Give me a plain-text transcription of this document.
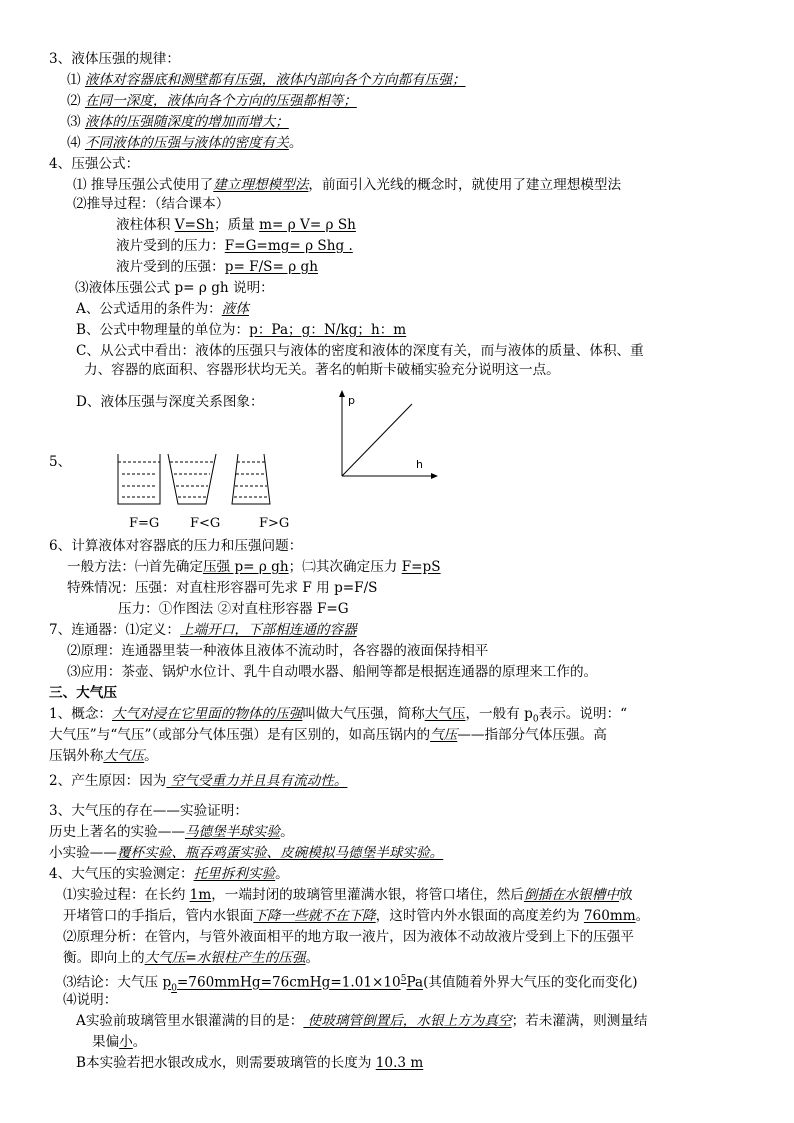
3、液体压强的规律：
⑴ 液体对容器底和测壁都有压强，液体内部向各个方向都有压强；
⑵ 在同一深度，液体向各个方向的压强都相等；
⑶ 液体的压强随深度的增加而增大；
⑷ 不同液体的压强与液体的密度有关。
4、压强公式：
⑴ 推导压强公式使用了建立理想模型法，前面引入光线的概念时，就使用了建立理想模型法
⑵推导过程：（结合课本）
液柱体积 V=Sh；质量 m= ρ V= ρ Sh
液片受到的压力：F=G=mg= ρ Shg .
液片受到的压强：p= F/S= ρ gh
⑶液体压强公式 p= ρ gh 说明：
A、公式适用的条件为：液体
B、公式中物理量的单位为：p：Pa；g：N/kg；h：m
C、从公式中看出：液体的压强只与液体的密度和液体的深度有关，而与液体的质量、体积、重
力、容器的底面积、容器形状均无关。著名的帕斯卡破桶实验充分说明这一点。
D、液体压强与深度关系图象：	p
h
5、
F=G F<G	F>G
6、计算液体对容器底的压力和压强问题：
一般方法：㈠首先确定压强 p= ρ gh；㈡其次确定压力 F=pS
特殊情况：压强：对直柱形容器可先求 F 用 p=F/S
压力：①作图法 ②对直柱形容器 F=G
7、连通器：⑴定义：上端开口，下部相连通的容器
⑵原理：连通器里装一种液体且液体不流动时，各容器的液面保持相平
⑶应用：茶壶、锅炉水位计、乳牛自动喂水器、船闸等都是根据连通器的原理来工作的。
三、大气压
1、概念：大气对浸在它里面的物体的压强叫做大气压强，简称大气压，一般有 $p_0$表示。说明：“
大气压”与“气压”（或部分气体压强）是有区别的，如高压锅内的气压——指部分气体压强。高
压锅外称大气压。
2、产生原因：因为 空气受重力并且具有流动性。
3、大气压的存在——实验证明：
历史上著名的实验——马德堡半球实验。
小实验——覆杯实验、瓶吞鸡蛋实验、皮碗模拟马德堡半球实验。
4、大气压的实验测定：托里拆利实验。
⑴实验过程：在长约 1m，一端封闭的玻璃管里灌满水银，将管口堵住，然后倒插在水银槽中放
开堵管口的手指后，管内水银面下降一些就不在下降，这时管内外水银面的高度差约为 760mm。
⑵原理分析：在管内，与管外液面相平的地方取一液片，因为液体不动故液片受到上下的压强平
衡。即向上的大气压=水银柱产生的压强。
⑶结论：大气压 $p_0=760mmHg=76cmHg=1.01\times 10^5Pa$(其值随着外界大气压的变化而变化)
⑷说明：
A实验前玻璃管里水银灌满的目的是： 使玻璃管倒置后，水银上方为真空；若未灌满，则测量结
果偏小。
B本实验若把水银改成水，则需要玻璃管的长度为 10.3 m
